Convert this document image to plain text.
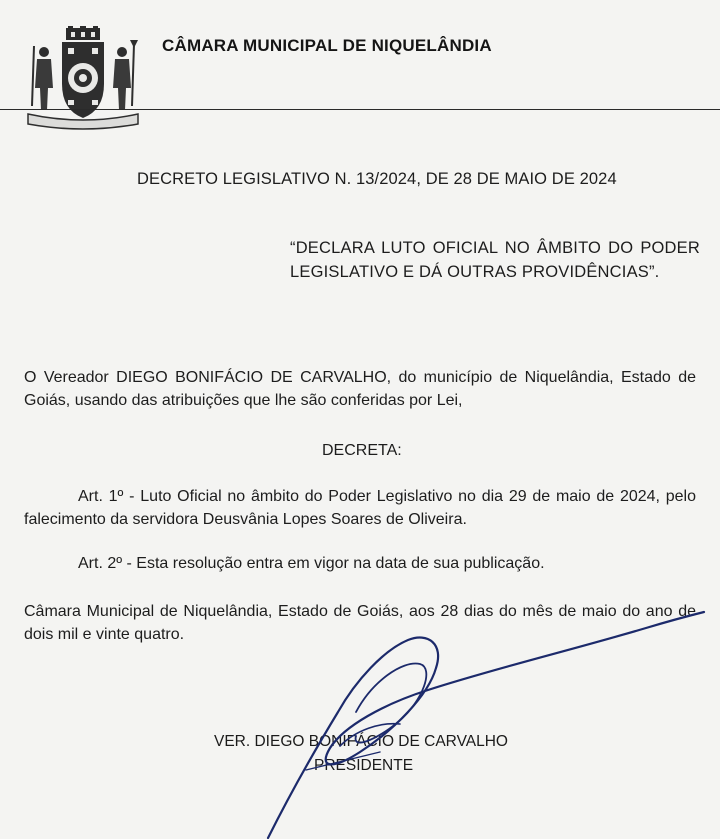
CÂMARA MUNICIPAL DE NIQUELÂNDIA
DECRETO LEGISLATIVO N. 13/2024, DE 28 DE MAIO DE 2024
“DECLARA LUTO OFICIAL NO ÂMBITO DO PODER LEGISLATIVO E DÁ OUTRAS PROVIDÊNCIAS”.
O Vereador DIEGO BONIFÁCIO DE CARVALHO, do município de Niquelândia, Estado de Goiás, usando das atribuições que lhe são conferidas por Lei,
DECRETA:
Art. 1º - Luto Oficial no âmbito do Poder Legislativo no dia 29 de maio de 2024, pelo falecimento da servidora Deusvânia Lopes Soares de Oliveira.
Art. 2º - Esta resolução entra em vigor na data de sua publicação.
Câmara Municipal de Niquelândia, Estado de Goiás, aos 28 dias do mês de maio do ano de dois mil e vinte quatro.
VER. DIEGO BONIFÁCIO DE CARVALHO
PRESIDENTE
